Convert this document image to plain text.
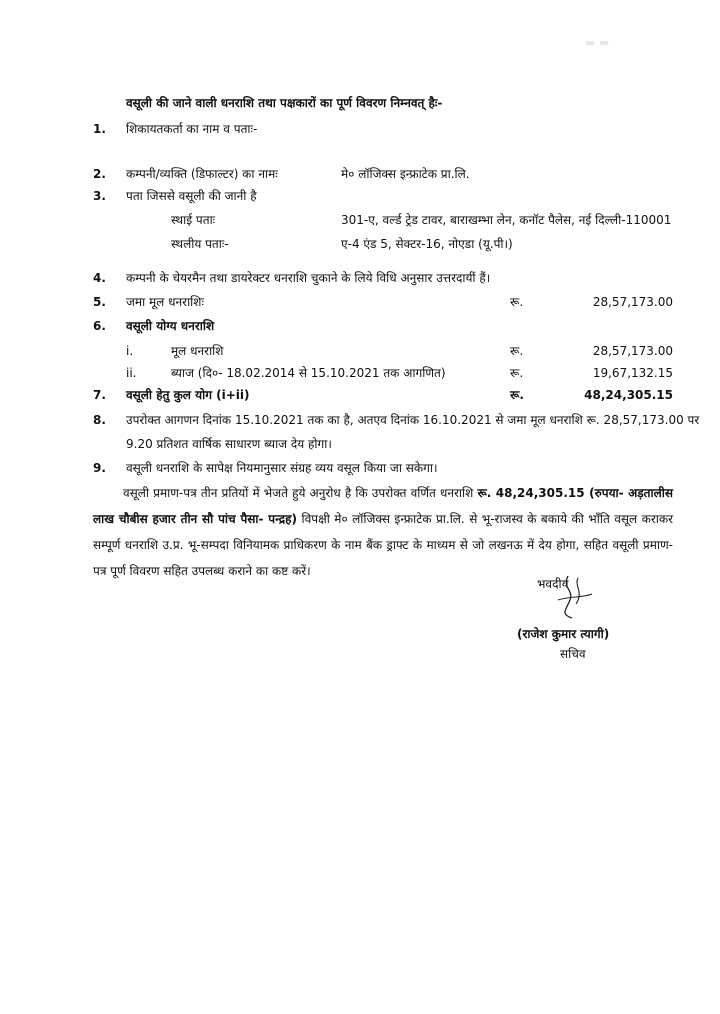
▬ ▬
वसूली की जाने वाली धनराशि तथा पक्षकारों का पूर्ण विवरण निम्नवत् हैः-
1. शिकायतकर्ता का नाम व पताः-
2. कम्पनी/व्यक्ति (डिफाल्टर) का नामः	मे० लॉजिक्स इन्फ्राटेक प्रा.लि.
3. पता जिससे वसूली की जानी है
स्थाई पताः	301-ए, वर्ल्ड ट्रेड टावर, बाराखम्भा लेन, कनॉट पैलेस, नई दिल्ली-110001
स्थलीय पताः-	ए-4 एंड 5, सेक्टर-16, नोएडा (यू.पी।)
4. कम्पनी के चेयरमैन तथा डायरेक्टर धनराशि चुकाने के लिये विधि अनुसार उत्तरदायीं हैं।
5. जमा मूल धनराशिः	रू.	28,57,173.00
6. वसूली योग्य धनराशि
i.	मूल धनराशि	रू.	28,57,173.00
ii.	ब्याज (दि०- 18.02.2014 से 15.10.2021 तक आगणित)	रू.	19,67,132.15
7. वसूली हेतु कुल योग (i+ii)	रू.	48,24,305.15
8. उपरोक्त आगणन दिनांक 15.10.2021 तक का है, अतएव दिनांक 16.10.2021 से जमा मूल धनराशि रू. 28,57,173.00 पर
9.20 प्रतिशत वार्षिक साधारण ब्याज देय होगा।
9. वसूली धनराशि के सापेक्ष नियमानुसार संग्रह व्यय वसूल किया जा सकेगा।
वसूली प्रमाण-पत्र तीन प्रतियों में भेजते हुये अनुरोध है कि उपरोक्त वर्णित धनराशि रू. 48,24,305.15 (रुपया- अड़तालीस लाख चौबीस हजार तीन सौ पांच पैसा- पन्द्रह) विपक्षी मे० लॉजिक्स इन्फ्राटेक प्रा.लि. से भू-राजस्व के बकाये की भाँति वसूल कराकर सम्पूर्ण धनराशि उ.प्र. भू-सम्पदा विनियामक प्राधिकरण के नाम बैंक ड्राफ्ट के माध्यम से जो लखनऊ में देय होगा, सहित वसूली प्रमाण-पत्र पूर्ण विवरण सहित उपलब्ध कराने का कष्ट करें।
भवदीय
(राजेश कुमार त्यागी)
सचिव
